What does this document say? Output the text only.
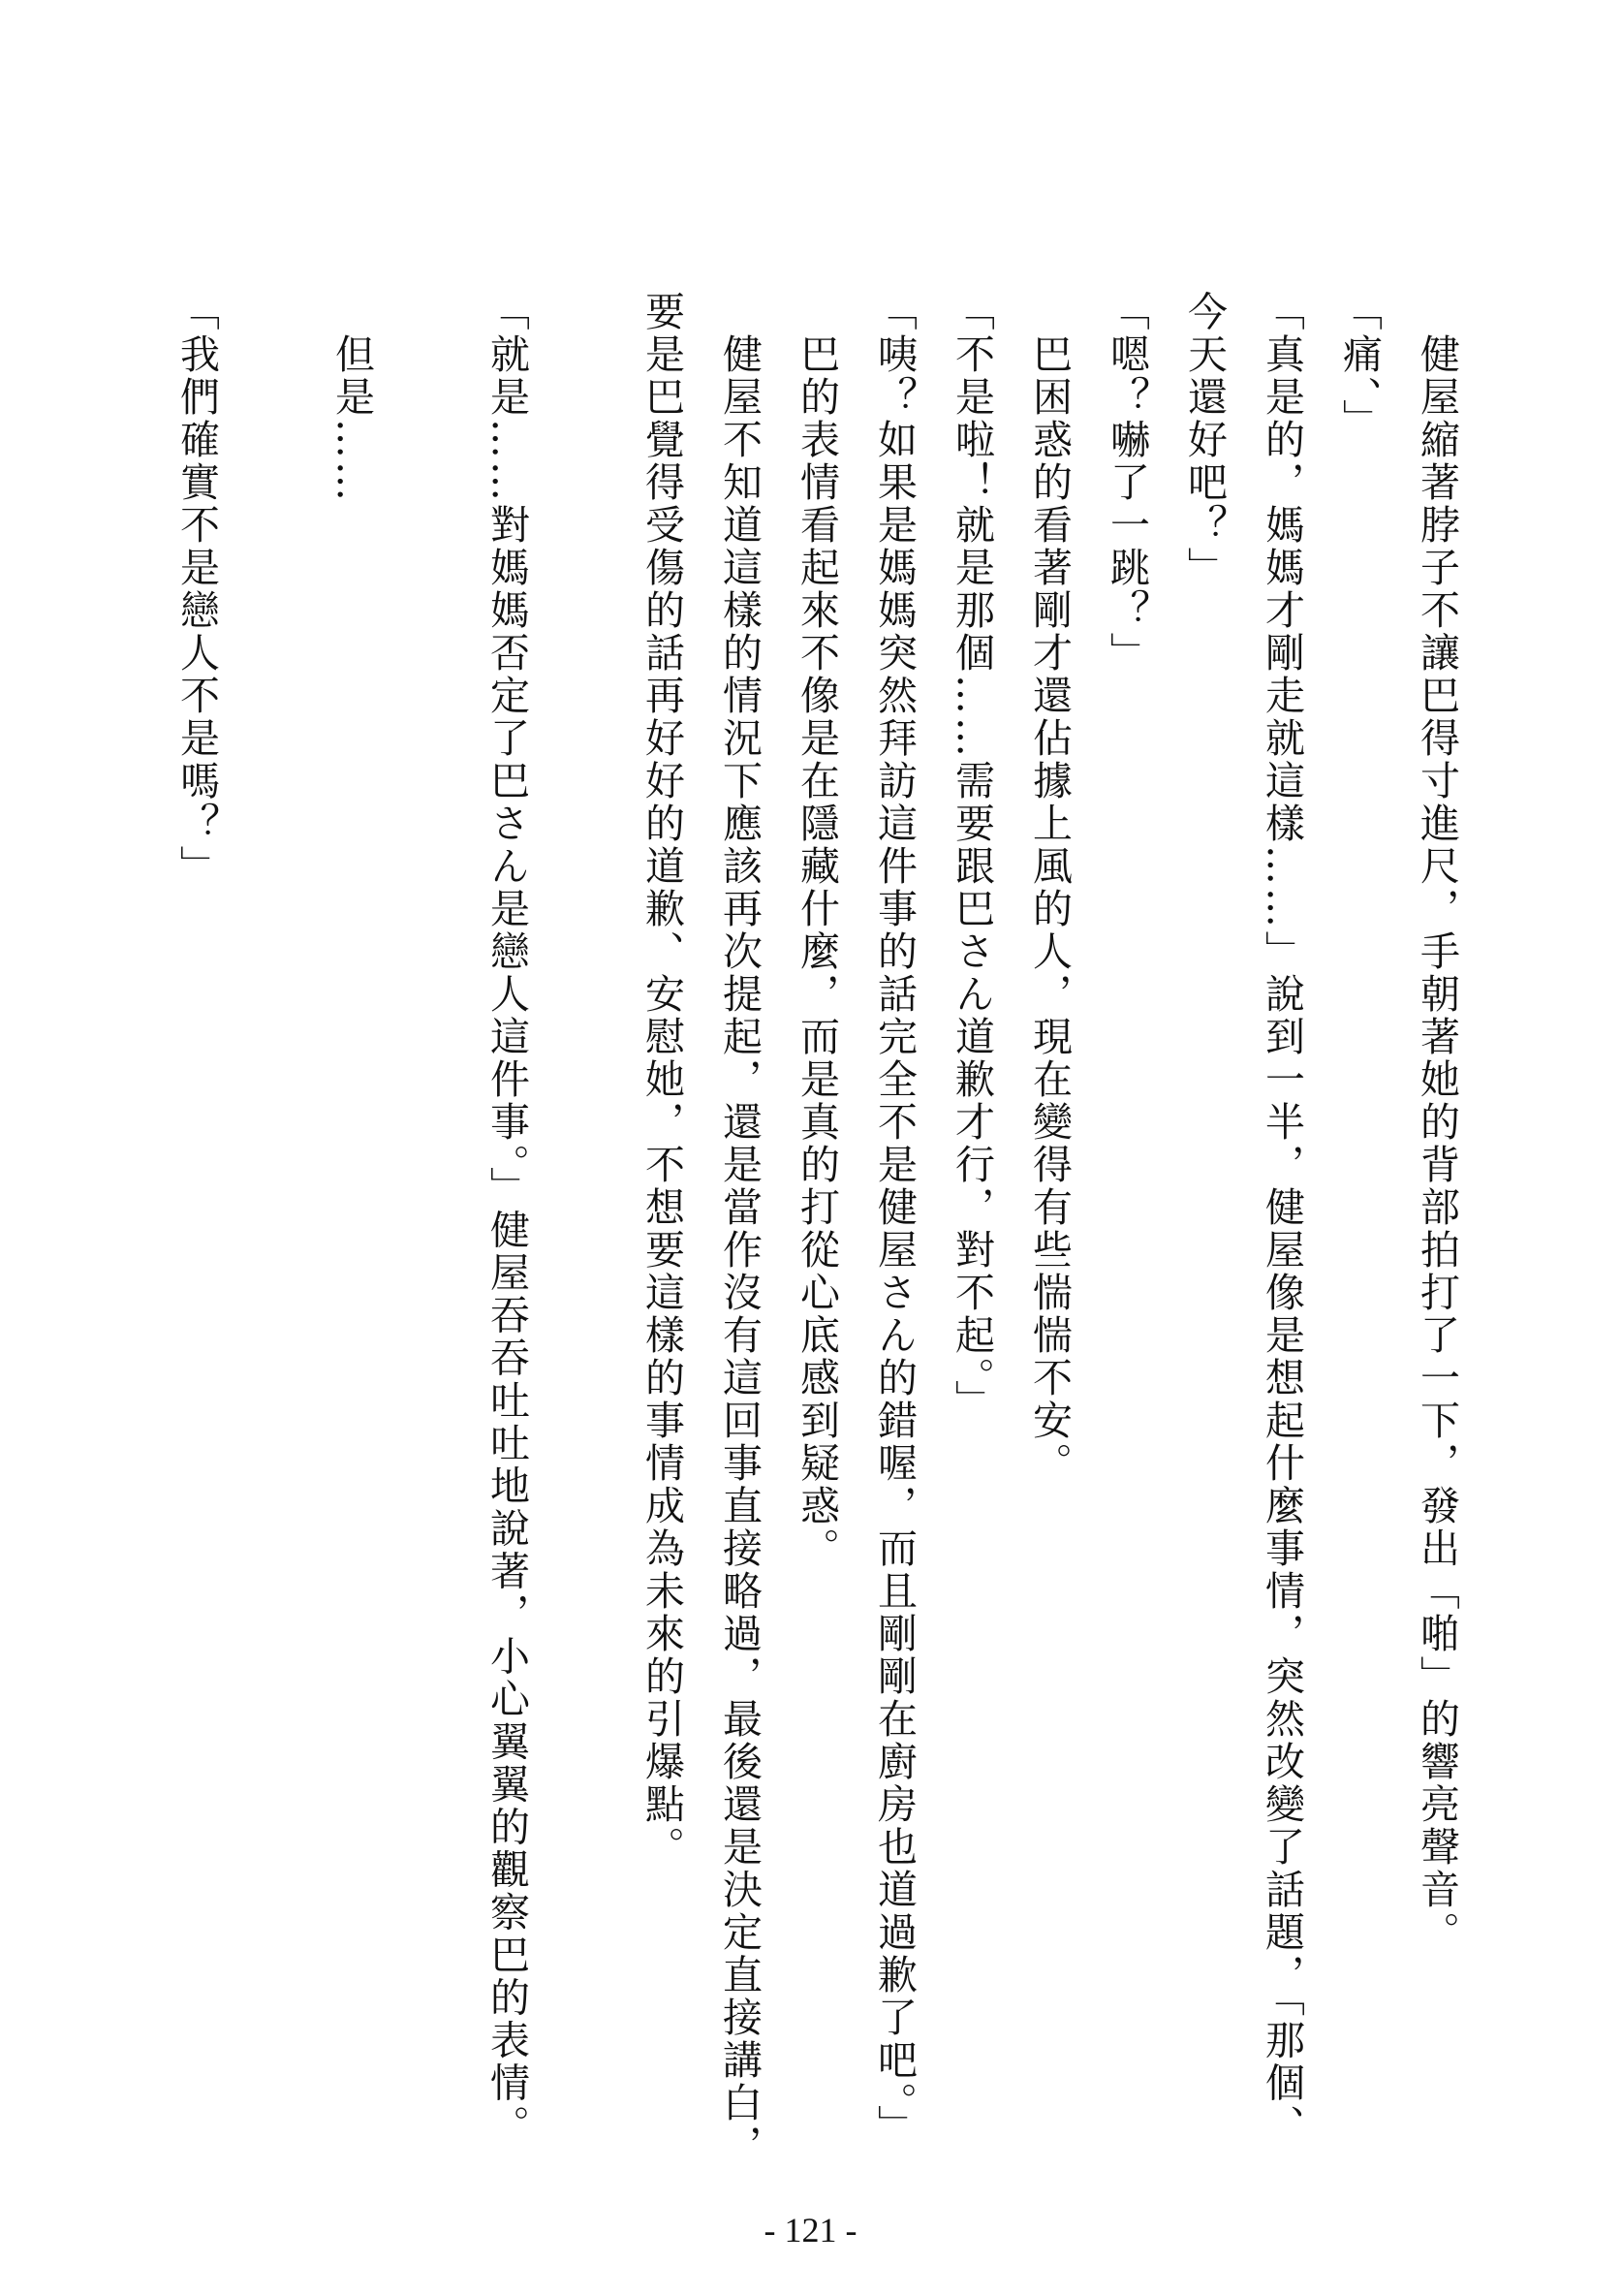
　健屋縮著脖子不讓巴得寸進尺，手朝著她的背部拍打了一下，發出「啪」的響亮聲音。
「痛、」
「真是的，媽媽才剛走就這樣……」說到一半，健屋像是想起什麼事情，突然改變了話題，「那個、
今天還好吧？」
「嗯？嚇了一跳？」
　巴困惑的看著剛才還佔據上風的人，現在變得有些惴惴不安。
「不是啦！就是那個……需要跟巴さん道歉才行，對不起。」
「咦？如果是媽媽突然拜訪這件事的話完全不是健屋さん的錯喔，而且剛剛在廚房也道過歉了吧。」
　巴的表情看起來不像是在隱藏什麼，而是真的打從心底感到疑惑。
　健屋不知道這樣的情況下應該再次提起，還是當作沒有這回事直接略過，最後還是決定直接講白，
要是巴覺得受傷的話再好好的道歉、安慰她，不想要這樣的事情成為未來的引爆點。

「就是……對媽媽否定了巴さん是戀人這件事。」健屋吞吞吐吐地說著，小心翼翼的觀察巴的表情。

　但是……

「我們確實不是戀人不是嗎？」
- 121 -
